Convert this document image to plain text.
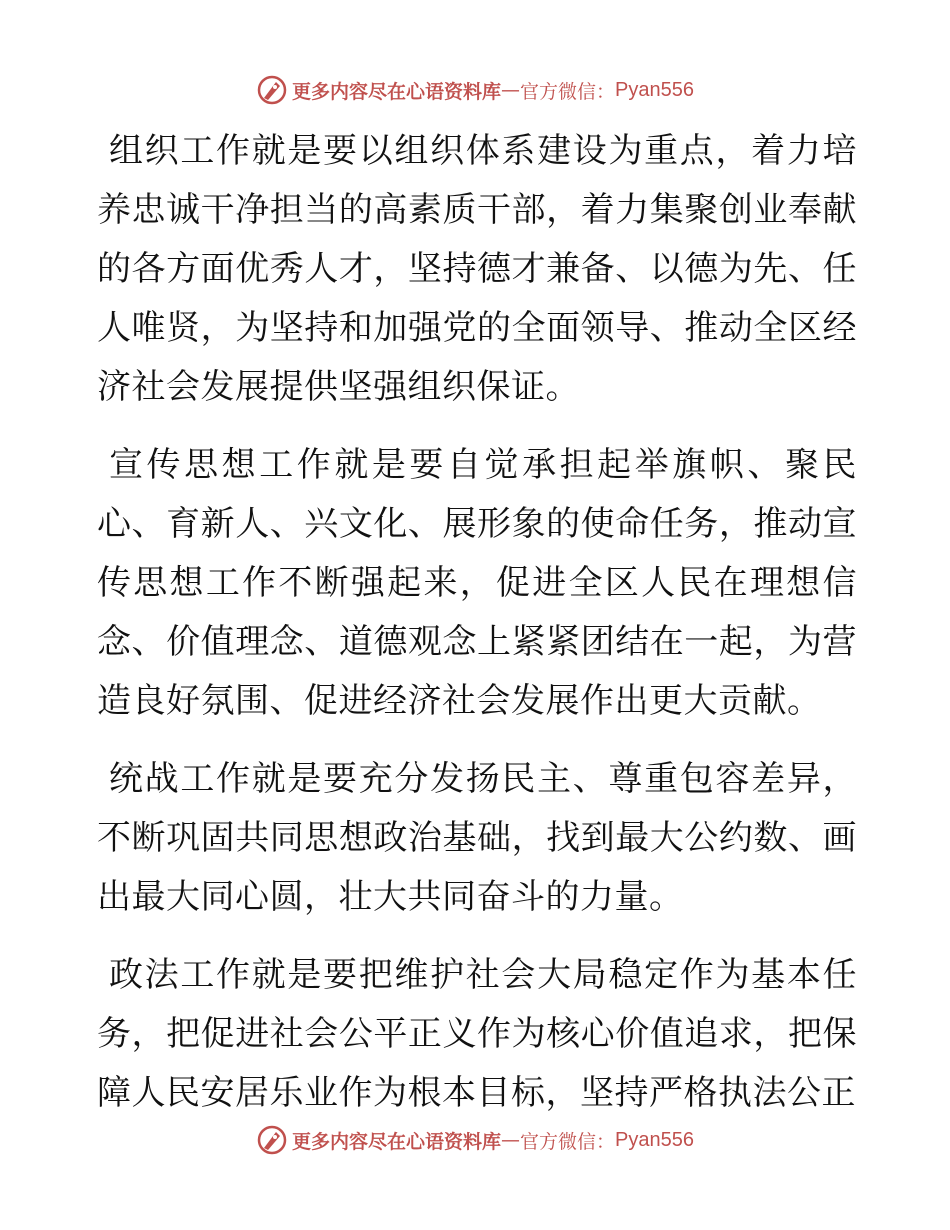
更多内容尽在心语资料库 — 官方微信： Pyan556

组织工作就是要以组织体系建设为重点，着力培养忠诚干净担当的高素质干部，着力集聚创业奉献的各方面优秀人才，坚持德才兼备、以德为先、任人唯贤，为坚持和加强党的全面领导、推动全区经济社会发展提供坚强组织保证。

宣传思想工作就是要自觉承担起举旗帜、聚民心、育新人、兴文化、展形象的使命任务，推动宣传思想工作不断强起来，促进全区人民在理想信念、价值理念、道德观念上紧紧团结在一起，为营造良好氛围、促进经济社会发展作出更大贡献。

统战工作就是要充分发扬民主、尊重包容差异，不断巩固共同思想政治基础，找到最大公约数、画出最大同心圆，壮大共同奋斗的力量。

政法工作就是要把维护社会大局稳定作为基本任务，把促进社会公平正义作为核心价值追求，把保障人民安居乐业作为根本目标，坚持严格执法公正

更多内容尽在心语资料库 — 官方微信： Pyan556
